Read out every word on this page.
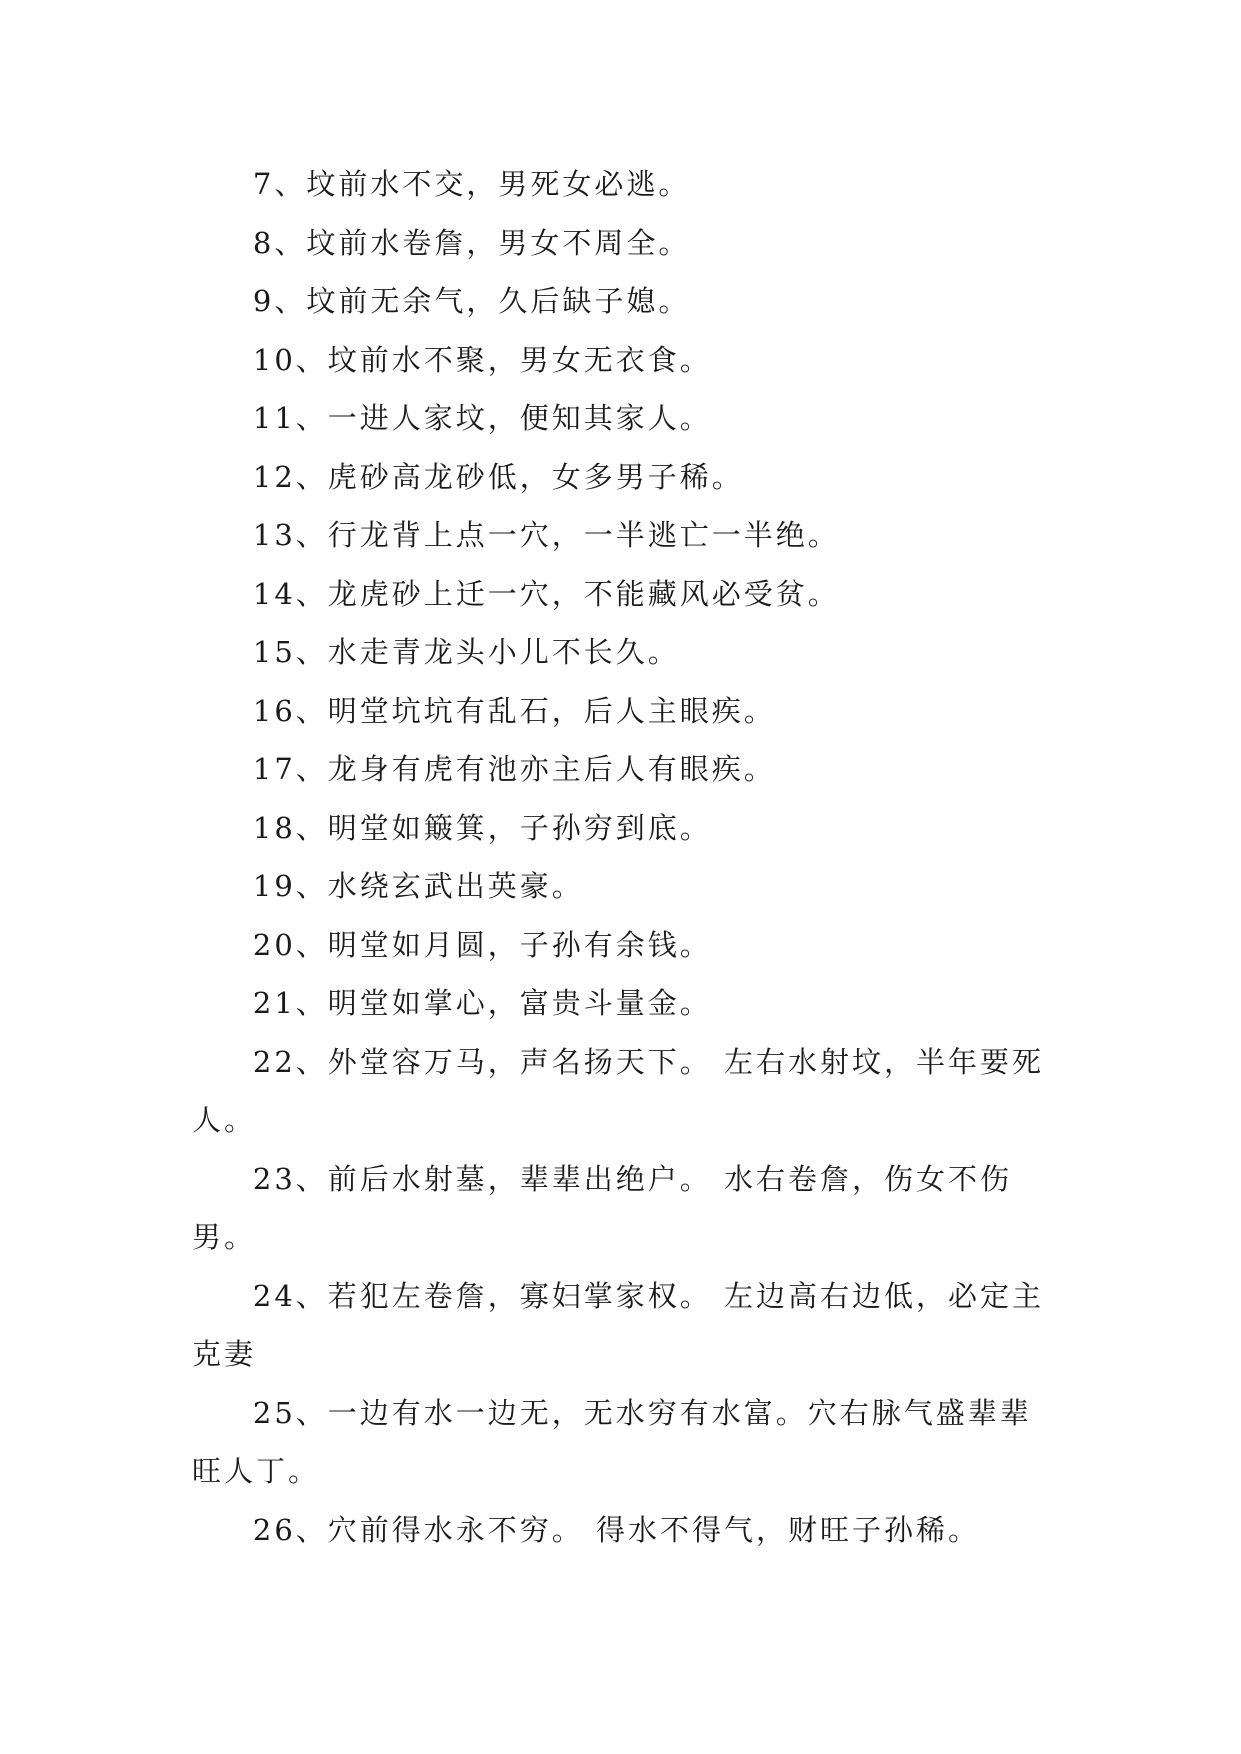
7、坟前水不交，男死女必逃。

8、坟前水卷詹，男女不周全。

9、坟前无余气，久后缺子媳。

10、坟前水不聚，男女无衣食。

11、一进人家坟，便知其家人。

12、虎砂高龙砂低，女多男子稀。

13、行龙背上点一穴，一半逃亡一半绝。

14、龙虎砂上迁一穴，不能藏风必受贫。

15、水走青龙头小儿不长久。

16、明堂坑坑有乱石，后人主眼疾。

17、龙身有虎有池亦主后人有眼疾。

18、明堂如簸箕，子孙穷到底。

19、水绕玄武出英豪。

20、明堂如月圆，子孙有余钱。

21、明堂如掌心，富贵斗量金。

22、外堂容万马，声名扬天下。 左右水射坟，半年要死人。

23、前后水射墓，辈辈出绝户。 水右卷詹，伤女不伤男。

24、若犯左卷詹，寡妇掌家权。 左边高右边低，必定主克妻

25、一边有水一边无，无水穷有水富。穴右脉气盛辈辈旺人丁。

26、穴前得水永不穷。 得水不得气，财旺子孙稀。
